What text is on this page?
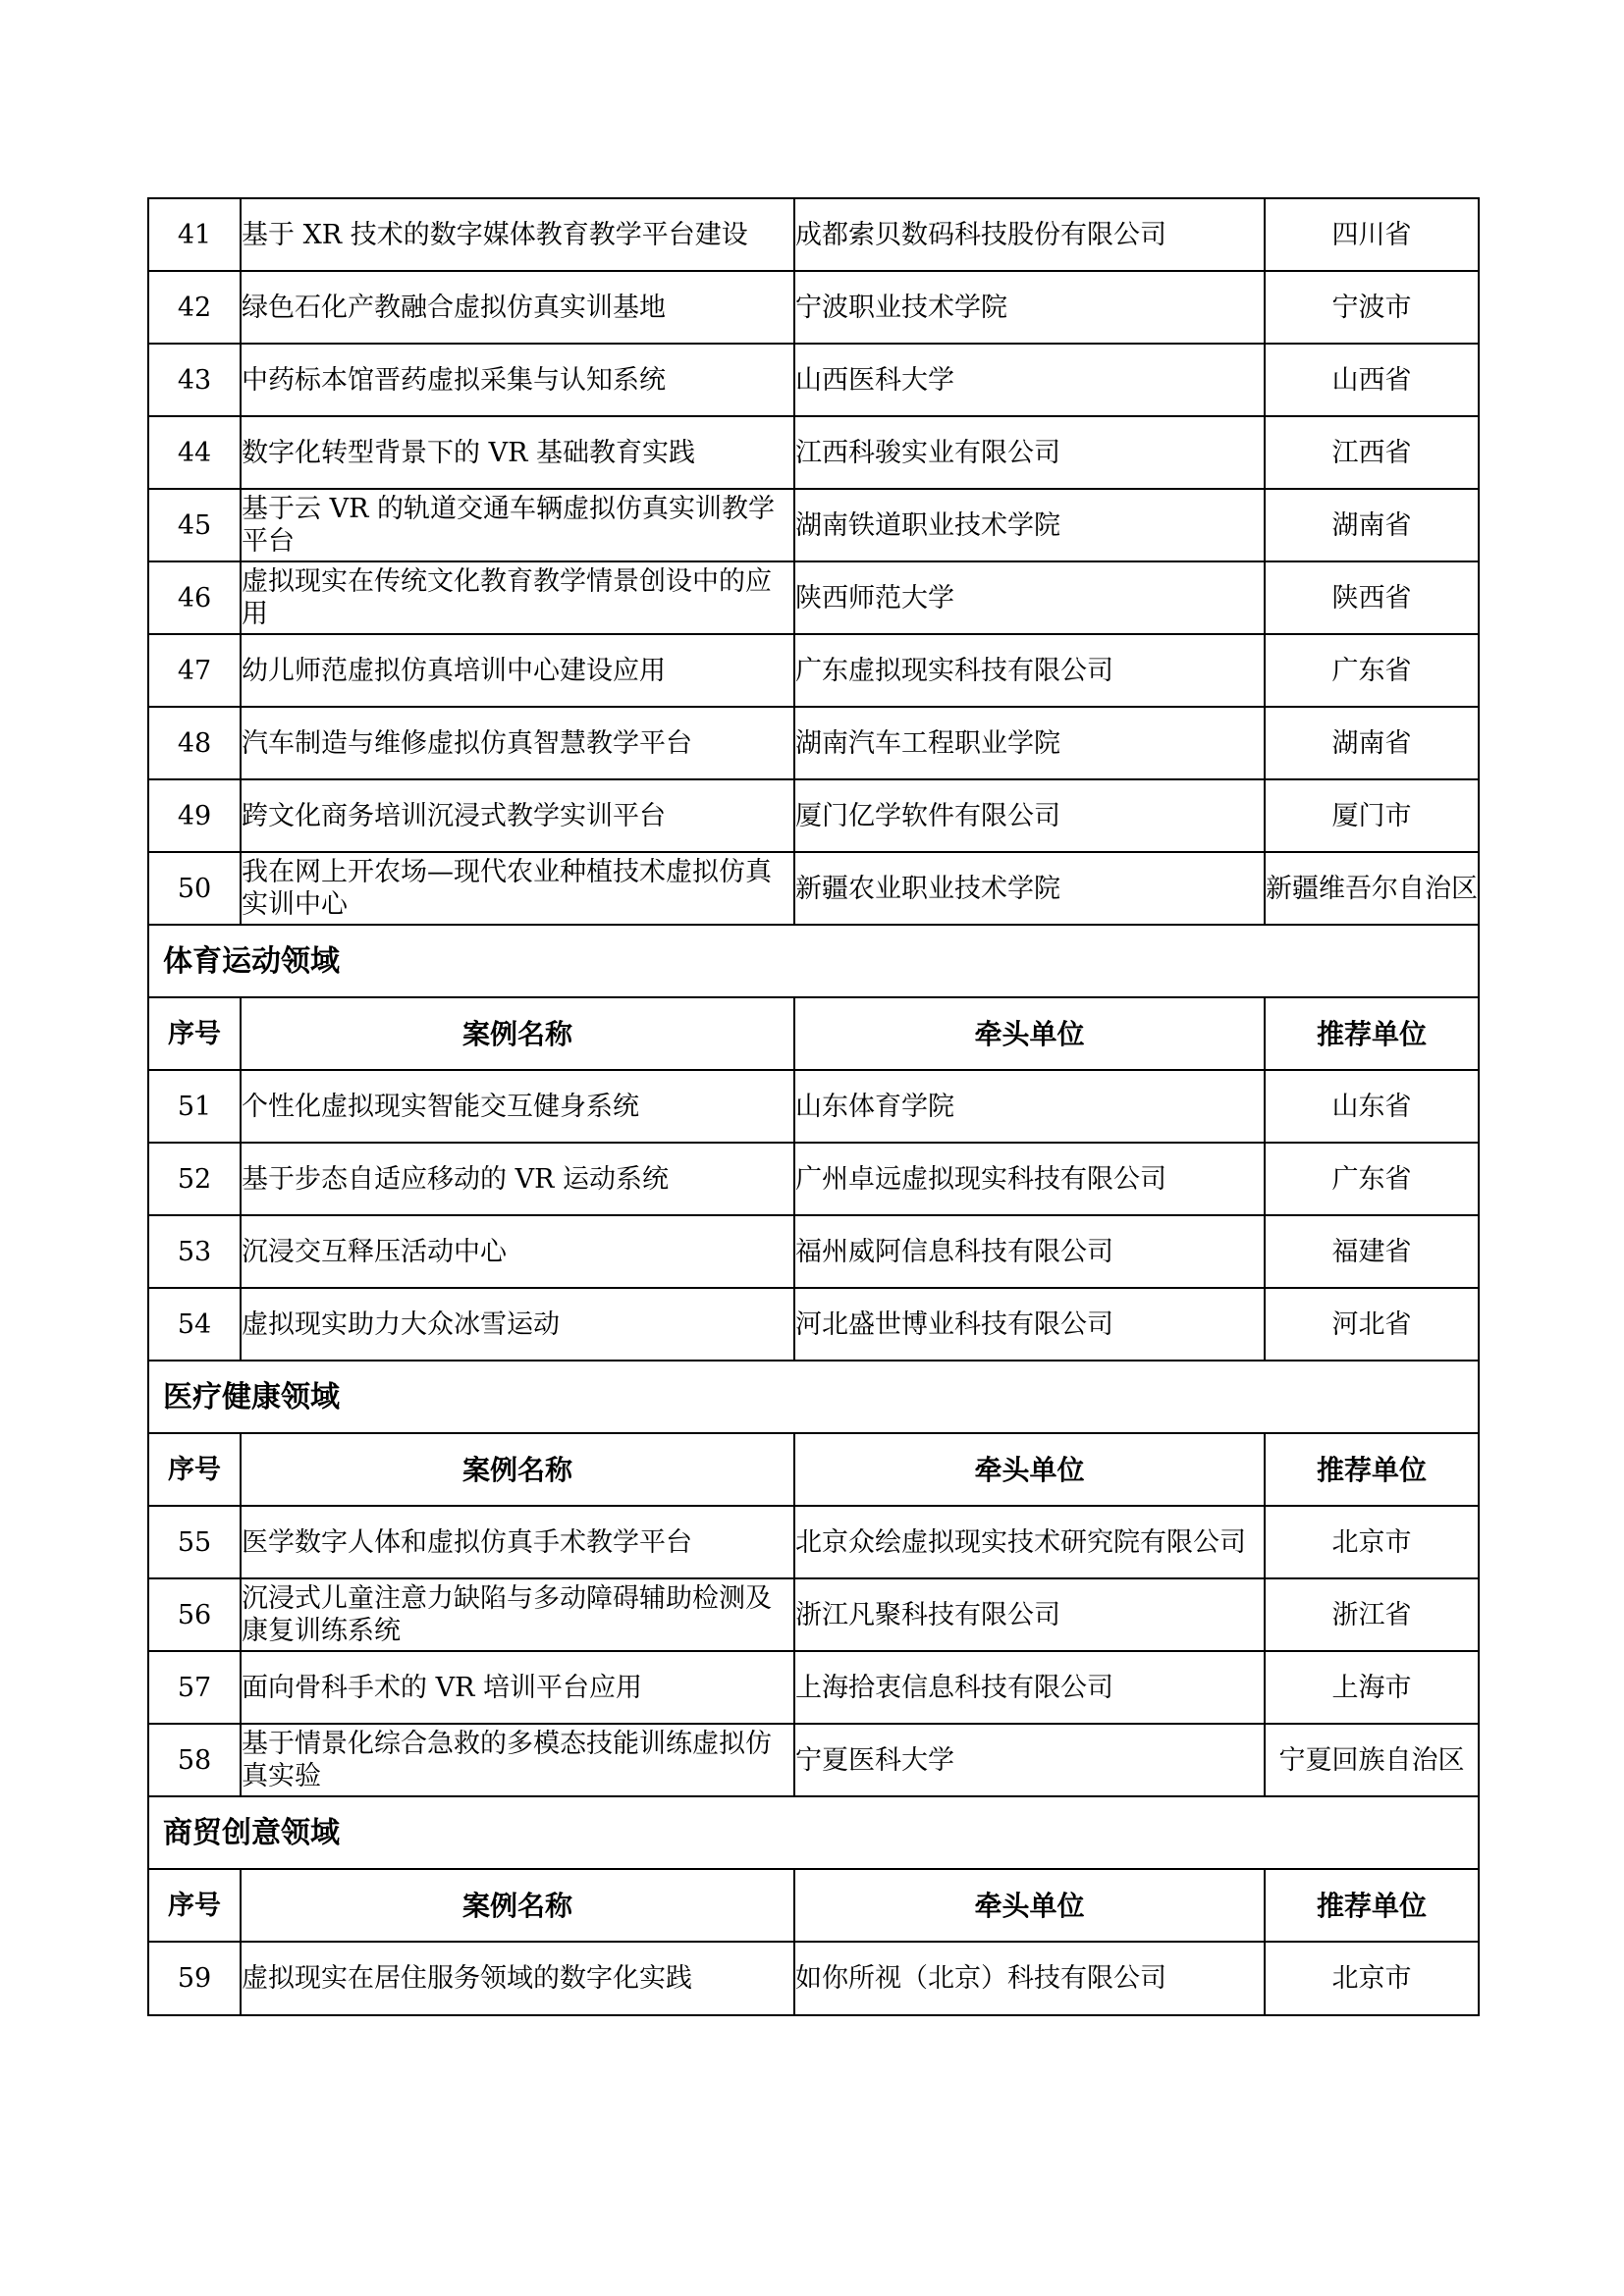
41	基于 XR 技术的数字媒体教育教学平台建设	成都索贝数码科技股份有限公司	四川省
42	绿色石化产教融合虚拟仿真实训基地	宁波职业技术学院	宁波市
43	中药标本馆晋药虚拟采集与认知系统	山西医科大学	山西省
44	数字化转型背景下的 VR 基础教育实践	江西科骏实业有限公司	江西省
45	基于云 VR 的轨道交通车辆虚拟仿真实训教学平台	湖南铁道职业技术学院	湖南省
46	虚拟现实在传统文化教育教学情景创设中的应用	陕西师范大学	陕西省
47	幼儿师范虚拟仿真培训中心建设应用	广东虚拟现实科技有限公司	广东省
48	汽车制造与维修虚拟仿真智慧教学平台	湖南汽车工程职业学院	湖南省
49	跨文化商务培训沉浸式教学实训平台	厦门亿学软件有限公司	厦门市
50	我在网上开农场—现代农业种植技术虚拟仿真实训中心	新疆农业职业技术学院	新疆维吾尔自治区
体育运动领域			
序号	案例名称	牵头单位	推荐单位
51	个性化虚拟现实智能交互健身系统	山东体育学院	山东省
52	基于步态自适应移动的 VR 运动系统	广州卓远虚拟现实科技有限公司	广东省
53	沉浸交互释压活动中心	福州威阿信息科技有限公司	福建省
54	虚拟现实助力大众冰雪运动	河北盛世博业科技有限公司	河北省
医疗健康领域			
序号	案例名称	牵头单位	推荐单位
55	医学数字人体和虚拟仿真手术教学平台	北京众绘虚拟现实技术研究院有限公司	北京市
56	沉浸式儿童注意力缺陷与多动障碍辅助检测及康复训练系统	浙江凡聚科技有限公司	浙江省
57	面向骨科手术的 VR 培训平台应用	上海拾衷信息科技有限公司	上海市
58	基于情景化综合急救的多模态技能训练虚拟仿真实验	宁夏医科大学	宁夏回族自治区
商贸创意领域			
序号	案例名称	牵头单位	推荐单位
59	虚拟现实在居住服务领域的数字化实践	如你所视（北京）科技有限公司	北京市
